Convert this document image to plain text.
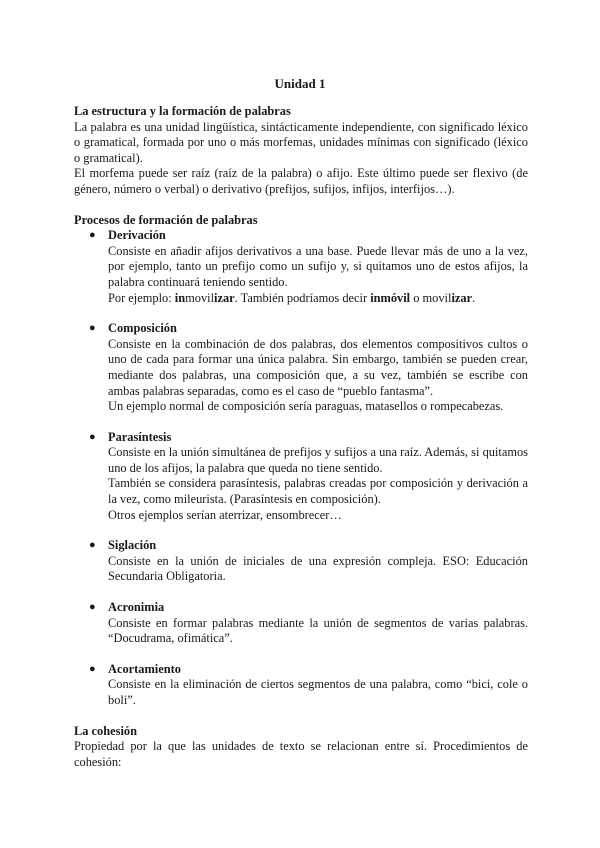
Unidad 1

La estructura y la formación de palabras

La palabra es una unidad lingüística, sintácticamente independiente, con significado léxico o gramatical, formada por uno o más morfemas, unidades mínimas con significado (léxico o gramatical).

El morfema puede ser raíz (raíz de la palabra) o afijo. Este último puede ser flexivo (de género, número o verbal) o derivativo (prefijos, sufijos, infijos, interfijos…).

Procesos de formación de palabras

● Derivación

Consiste en añadir afijos derivativos a una base. Puede llevar más de uno a la vez, por ejemplo, tanto un prefijo como un sufijo y, si quitamos uno de estos afijos, la palabra continuará teniendo sentido.

Por ejemplo: inmovilizar. También podríamos decir inmóvil o movilizar.

● Composición

Consiste en la combinación de dos palabras, dos elementos compositivos cultos o uno de cada para formar una única palabra. Sin embargo, también se pueden crear, mediante dos palabras, una composición que, a su vez, también se escribe con ambas palabras separadas, como es el caso de “pueblo fantasma”.

Un ejemplo normal de composición sería paraguas, matasellos o rompecabezas.

● Parasíntesis

Consiste en la unión simultánea de prefijos y sufijos a una raíz. Además, si quitamos uno de los afijos, la palabra que queda no tiene sentido.

También se considera parasíntesis, palabras creadas por composición y derivación a la vez, como mileurista. (Parasíntesis en composición).

Otros ejemplos serían aterrizar, ensombrecer…

● Siglación

Consiste en la unión de iniciales de una expresión compleja. ESO: Educación Secundaria Obligatoria.

● Acronimia

Consiste en formar palabras mediante la unión de segmentos de varias palabras. “Docudrama, ofimática”.

● Acortamiento

Consiste en la eliminación de ciertos segmentos de una palabra, como “bici, cole o boli”.

La cohesión

Propiedad por la que las unidades de texto se relacionan entre sí. Procedimientos de cohesión:
